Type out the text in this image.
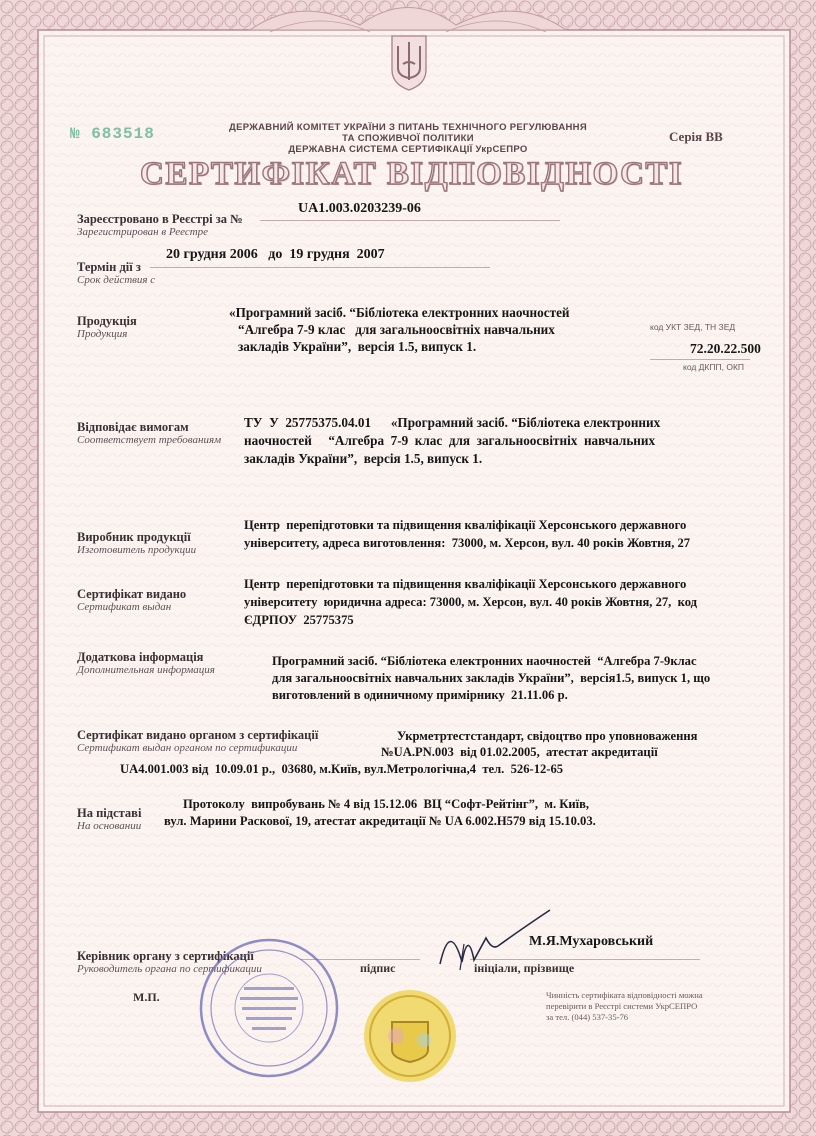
№ 683518	ДЕРЖАВНИЙ КОМІТЕТ УКРАЇНИ З ПИТАНЬ ТЕХНІЧНОГО РЕГУЛЮВАННЯ
ТА СПОЖИВЧОЇ ПОЛІТИКИ
ДЕРЖАВНА СИСТЕМА СЕРТИФІКАЦІЇ УкрСЕПРО
Серія ВВ
СЕРТИФІКАТ ВІДПОВІДНОСТІ
Зареєстровано в Реєстрі за №
Зарегистрирован в Реестре
UA1.003.0203239-06
Термін дії з
Срок действия с
20 грудня 2006   до  19 грудня  2007
Продукція
Продукция
«Програмний засіб. “Бібліотека електронних наочностей
“Алгебра 7-9 клас   для загальноосвітніх навчальних
закладів України”,  версія 1.5, випуск 1.
код УКТ ЗЕД, ТН ЗЕД
72.20.22.500
код ДКПП, ОКП
Відповідає вимогам
Соответствует требованиям
ТУ  У  25775375.04.01      «Програмний засіб. “Бібліотека електронних
наочностей     “Алгебра  7-9  клас  для  загальноосвітніх  навчальних
закладів України”,  версія 1.5, випуск 1.
Виробник продукції
Изготовитель продукции
Центр  перепідготовки та підвищення кваліфікації Херсонського державного
університету, адреса виготовлення:  73000, м. Херсон, вул. 40 років Жовтня, 27
Сертифікат видано
Сертификат выдан
Центр  перепідготовки та підвищення кваліфікації Херсонського державного
університету  юридична адреса: 73000, м. Херсон, вул. 40 років Жовтня, 27,  код
ЄДРПОУ  25775375
Додаткова інформація
Дополнительная информация
Програмний засіб. “Бібліотека електронних наочностей  “Алгебра 7-9клас
для загальноосвітніх навчальних закладів України”,  версія1.5, випуск 1, що
виготовлений в одиничному примірнику  21.11.06 р.
Сертифікат видано органом з сертифікації
Сертификат выдан органом по сертификации
Укрметртестстандарт, свідоцтво про уповноваження
№UA.PN.003  від 01.02.2005,  атестат акредитації
UA4.001.003 від  10.09.01 р.,  03680, м.Київ, вул.Метрологічна,4  тел.  526-12-65
На підставі
На основании
Протоколу  випробувань № 4 від 15.12.06  ВЦ “Софт-Рейтінг”,  м. Київ,
вул. Марини Раскової, 19, атестат акредитації № UA 6.002.Н579 від 15.10.03.
Керівник органу з сертифікації
Руководитель органа по сертификации
М.Я.Мухаровський
підпис	ініціали, прізвище
М.П.	Чинність сертифіката відповідності можна
перевірити в Реєстрі системи УкрСЕПРО
за тел. (044) 537-35-76
